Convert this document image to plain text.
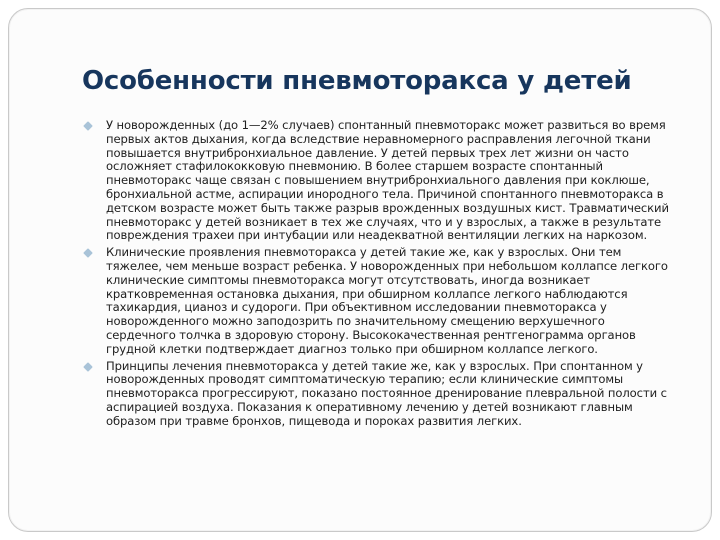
Особенности пневмоторакса у детей
У новорожденных (до 1—2% случаев) спонтанный пневмоторакс может развиться во время первых актов дыхания, когда вследствие неравномерного расправления легочной ткани повышается внутрибронхиальное давление. У детей первых трех лет жизни он часто осложняет стафилококковую пневмонию. В более старшем возрасте спонтанный пневмоторакс чаще связан с повышением внутрибронхиального давления при коклюше, бронхиальной астме, аспирации инородного тела. Причиной спонтанного пневмоторакса в детском возрасте может быть также разрыв врожденных воздушных кист. Травматический пневмоторакс у детей возникает в тех же случаях, что и у взрослых, а также в результате повреждения трахеи при интубации или неадекватной вентиляции легких на наркозом.
Клинические проявления пневмоторакса у детей такие же, как у взрослых. Они тем тяжелее, чем меньше возраст ребенка. У новорожденных при небольшом коллапсе легкого клинические симптомы пневмоторакса могут отсутствовать, иногда возникает кратковременная остановка дыхания, при обширном коллапсе легкого наблюдаются тахикардия, цианоз и судороги. При объективном исследовании пневмоторакса у новорожденного можно заподозрить по значительному смещению верхушечного сердечного толчка в здоровую сторону. Высококачественная рентгенограмма органов грудной клетки подтверждает диагноз только при обширном коллапсе легкого.
Принципы лечения пневмоторакса у детей такие же, как у взрослых. При спонтанном у новорожденных проводят симптоматическую терапию; если клинические симптомы пневмоторакса прогрессируют, показано постоянное дренирование плевральной полости с аспирацией воздуха. Показания к оперативному лечению у детей возникают главным образом при травме бронхов, пищевода и пороках развития легких.
